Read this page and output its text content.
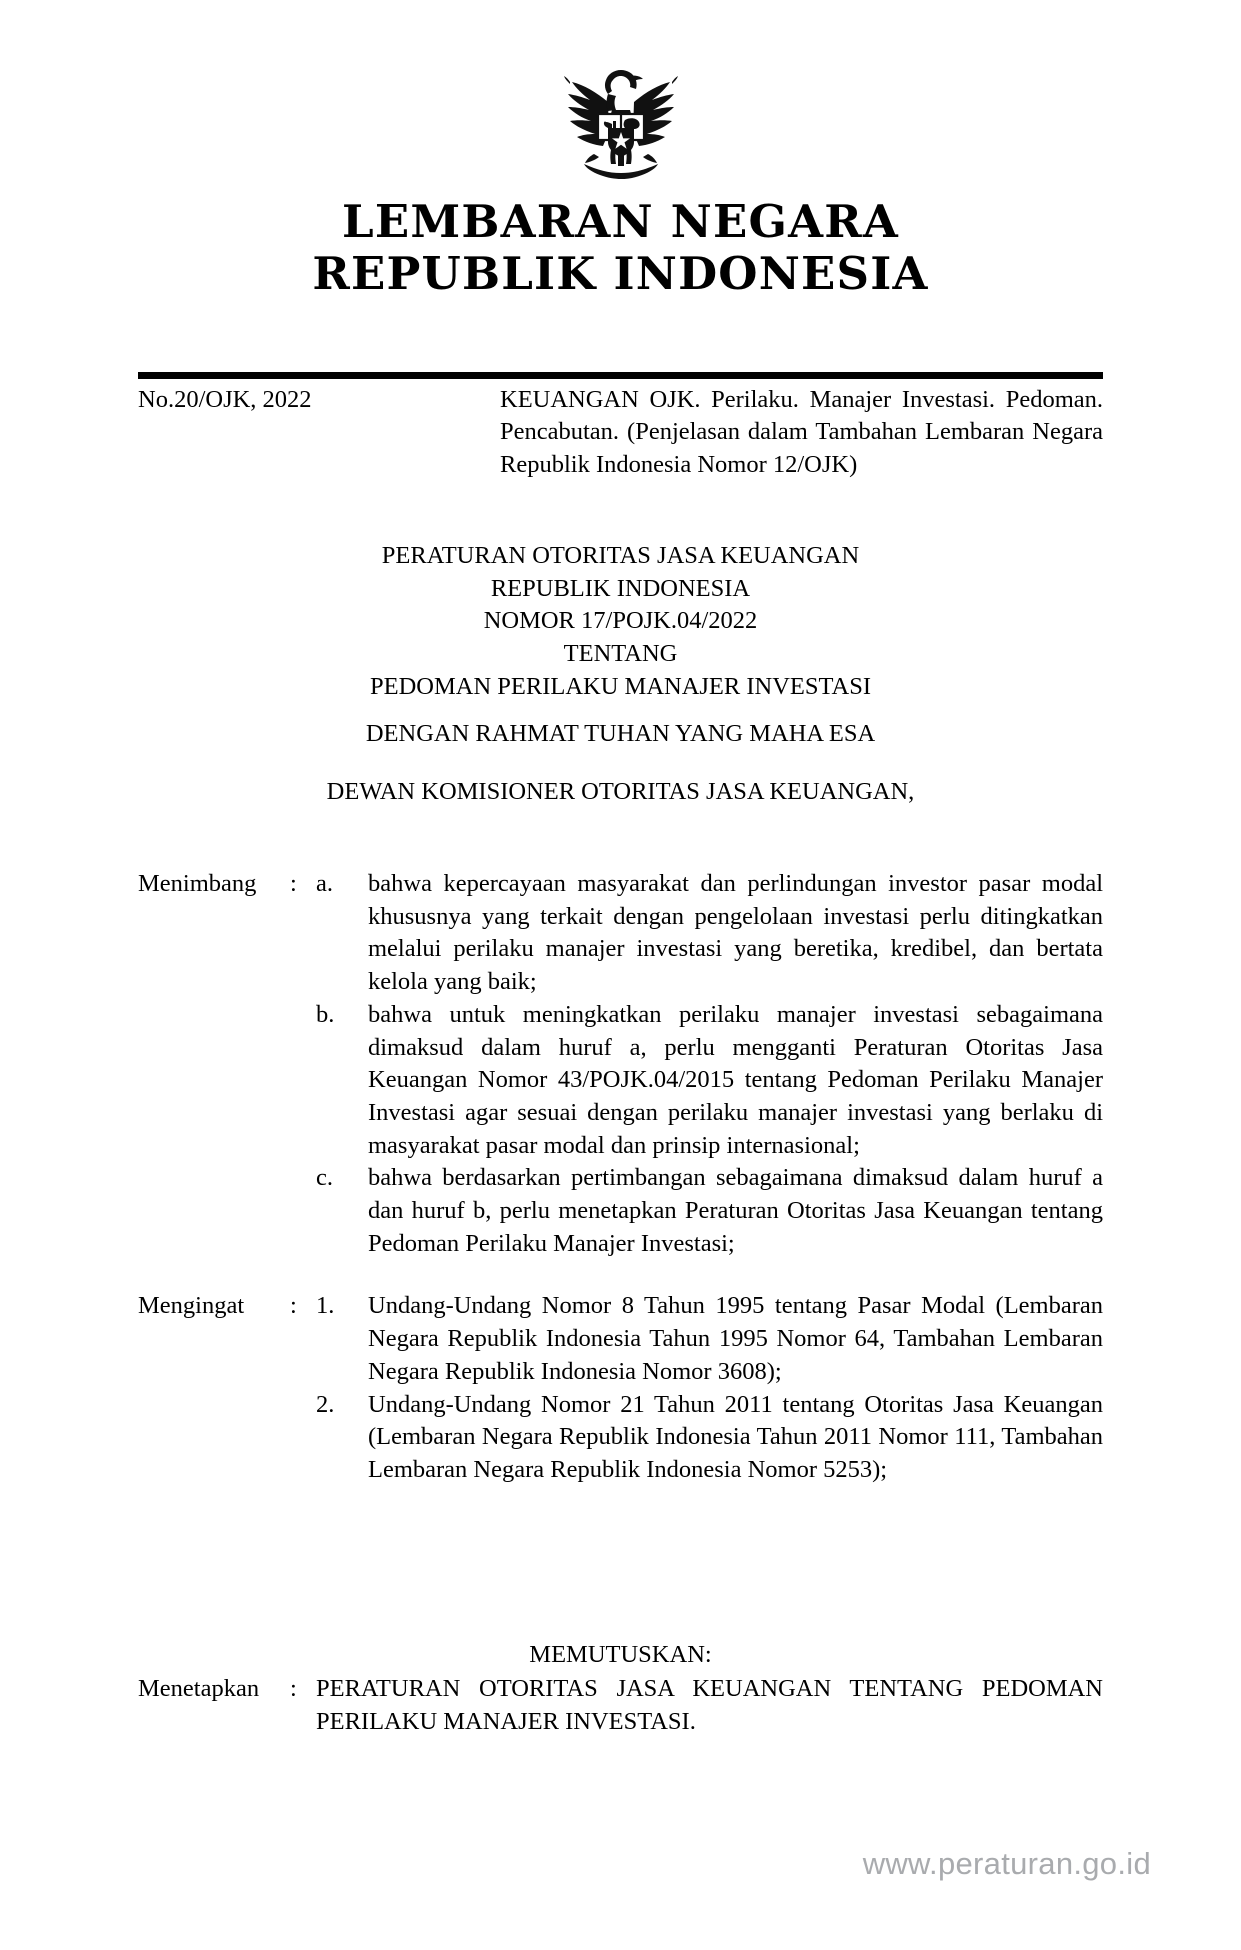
LEMBARAN NEGARA
REPUBLIK INDONESIA
No.20/OJK, 2022	KEUANGAN OJK. Perilaku. Manajer Investasi. Pedoman. Pencabutan. (Penjelasan dalam Tambahan Lembaran Negara Republik Indonesia Nomor 12/OJK)
PERATURAN OTORITAS JASA KEUANGAN
REPUBLIK INDONESIA
NOMOR 17/POJK.04/2022
TENTANG
PEDOMAN PERILAKU MANAJER INVESTASI
DENGAN RAHMAT TUHAN YANG MAHA ESA
DEWAN KOMISIONER OTORITAS JASA KEUANGAN,
Menimbang	: a.	bahwa kepercayaan masyarakat dan perlindungan investor pasar modal khususnya yang terkait dengan pengelolaan investasi perlu ditingkatkan melalui perilaku manajer investasi yang beretika, kredibel, dan bertata kelola yang baik;
b.	bahwa untuk meningkatkan perilaku manajer investasi sebagaimana dimaksud dalam huruf a, perlu mengganti Peraturan Otoritas Jasa Keuangan Nomor 43/POJK.04/2015 tentang Pedoman Perilaku Manajer Investasi agar sesuai dengan perilaku manajer investasi yang berlaku di masyarakat pasar modal dan prinsip internasional;
c.	bahwa berdasarkan pertimbangan sebagaimana dimaksud dalam huruf a dan huruf b, perlu menetapkan Peraturan Otoritas Jasa Keuangan tentang Pedoman Perilaku Manajer Investasi;
Mengingat	: 1.	Undang-Undang Nomor 8 Tahun 1995 tentang Pasar Modal (Lembaran Negara Republik Indonesia Tahun 1995 Nomor 64, Tambahan Lembaran Negara Republik Indonesia Nomor 3608);
2.	Undang-Undang Nomor 21 Tahun 2011 tentang Otoritas Jasa Keuangan (Lembaran Negara Republik Indonesia Tahun 2011 Nomor 111, Tambahan Lembaran Negara Republik Indonesia Nomor 5253);
MEMUTUSKAN:
Menetapkan	: PERATURAN OTORITAS JASA KEUANGAN TENTANG PEDOMAN PERILAKU MANAJER INVESTASI.
www.peraturan.go.id
